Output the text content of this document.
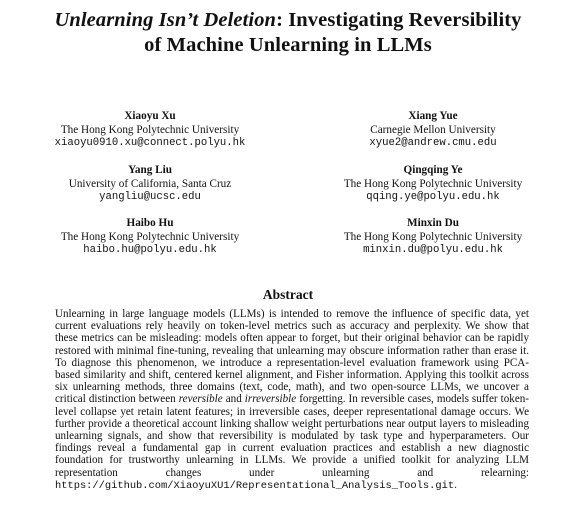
Unlearning Isn’t Deletion: Investigating Reversibility
of Machine Unlearning in LLMs
Xiaoyu Xu
The Hong Kong Polytechnic University
xiaoyu0910.xu@connect.polyu.hk
Xiang Yue
Carnegie Mellon University
xyue2@andrew.cmu.edu
Yang Liu
University of California, Santa Cruz
yangliu@ucsc.edu
Qingqing Ye
The Hong Kong Polytechnic University
qqing.ye@polyu.edu.hk
Haibo Hu
The Hong Kong Polytechnic University
haibo.hu@polyu.edu.hk
Minxin Du
The Hong Kong Polytechnic University
minxin.du@polyu.edu.hk
Abstract
Unlearning in large language models (LLMs) is intended to remove the influence of specific data, yet current evaluations rely heavily on token-level metrics such as accuracy and perplexity. We show that these metrics can be misleading: models often appear to forget, but their original behavior can be rapidly restored with minimal fine-tuning, revealing that unlearning may obscure information rather than erase it. To diagnose this phenomenon, we introduce a representation-level evaluation framework using PCA-based similarity and shift, centered kernel alignment, and Fisher information. Applying this toolkit across six unlearning methods, three domains (text, code, math), and two open-source LLMs, we uncover a critical distinction between reversible and irreversible forgetting. In reversible cases, models suffer token-level collapse yet retain latent features; in irreversible cases, deeper representational damage occurs. We further provide a theoretical account linking shallow weight perturbations near output layers to misleading unlearning signals, and show that reversibility is modulated by task type and hyperparameters. Our findings reveal a fundamental gap in current evaluation practices and establish a new diagnostic foundation for trustworthy unlearning in LLMs. We provide a unified toolkit for analyzing LLM representation changes under unlearning and relearning: https://github.com/XiaoyuXU1/Representational_Analysis_Tools.git.
